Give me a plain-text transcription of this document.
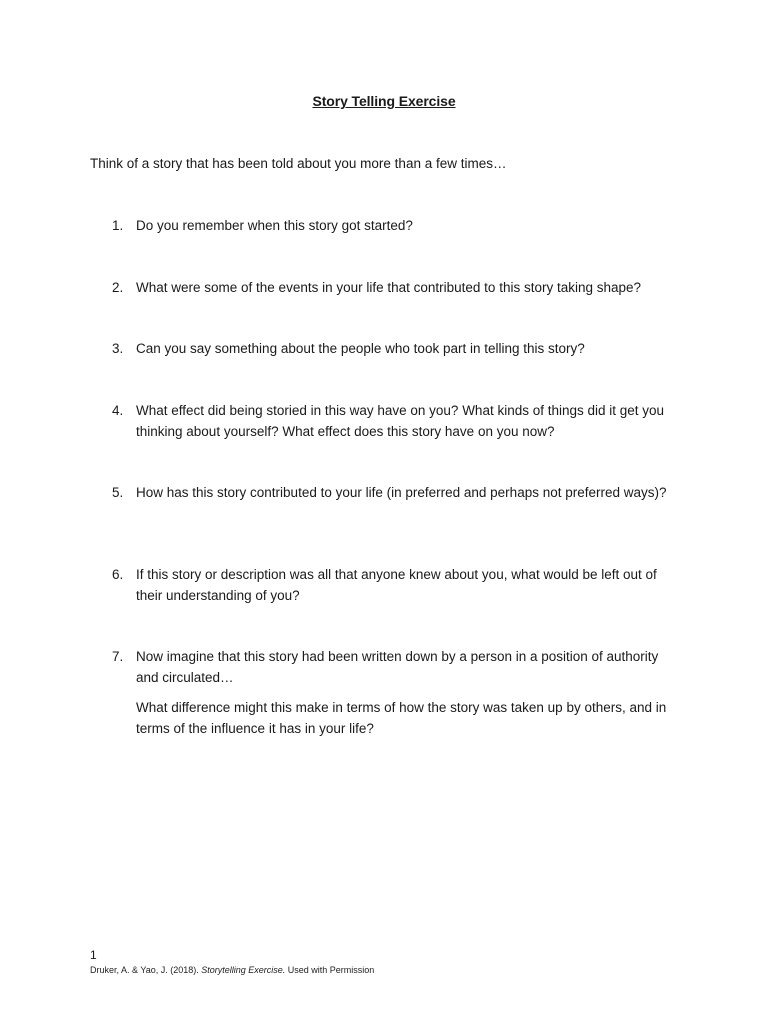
Story Telling Exercise
Think of a story that has been told about you more than a few times…
1. Do you remember when this story got started?
2. What were some of the events in your life that contributed to this story taking shape?
3. Can you say something about the people who took part in telling this story?
4. What effect did being storied in this way have on you? What kinds of things did it get you thinking about yourself? What effect does this story have on you now?
5. How has this story contributed to your life (in preferred and perhaps not preferred ways)?
6. If this story or description was all that anyone knew about you, what would be left out of their understanding of you?
7. Now imagine that this story had been written down by a person in a position of authority and circulated…
What difference might this make in terms of how the story was taken up by others, and in terms of the influence it has in your life?
1
Druker, A. & Yao, J. (2018). Storytelling Exercise. Used with Permission
